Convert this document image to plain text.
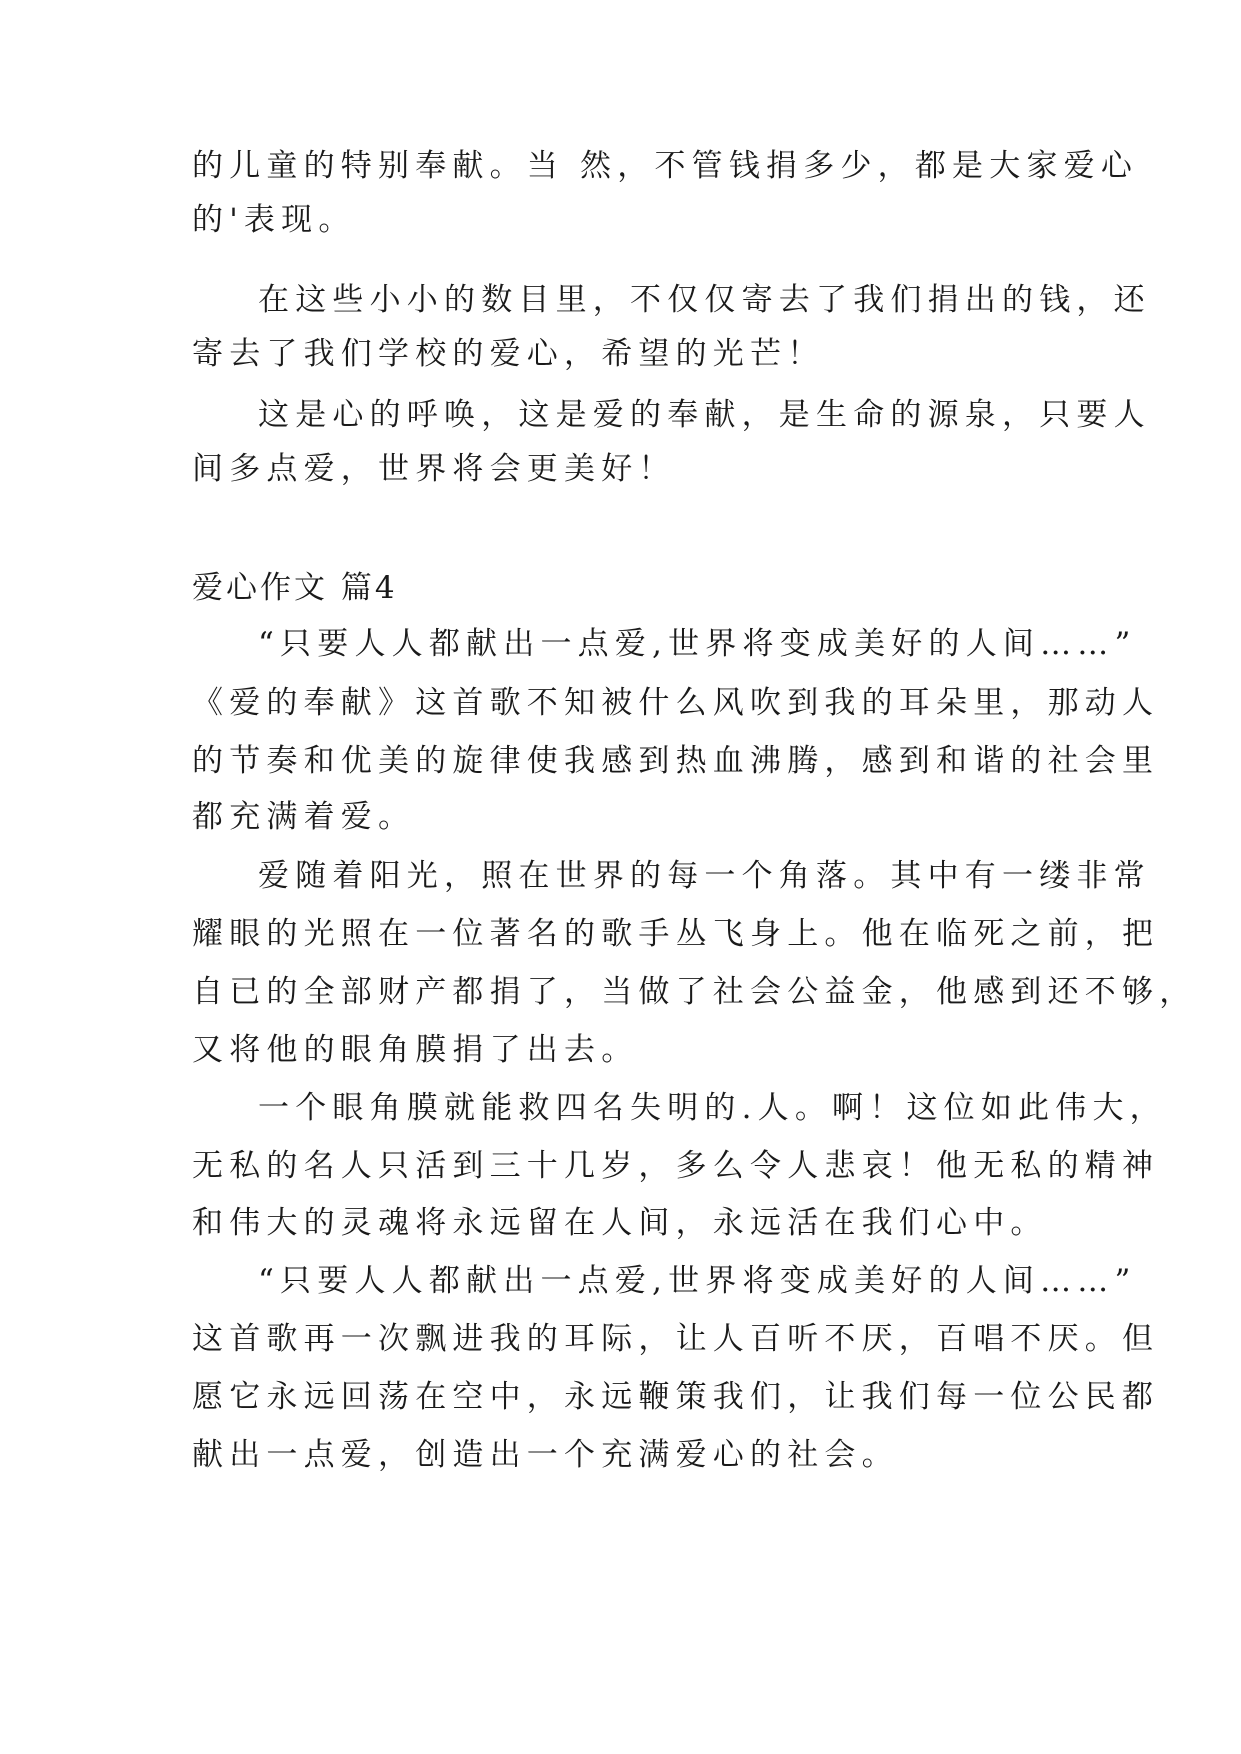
的儿童的特别奉献。当 然，不管钱捐多少，都是大家爱心
的'表现。
在这些小小的数目里，不仅仅寄去了我们捐出的钱，还
寄去了我们学校的爱心，希望的光芒！
这是心的呼唤，这是爱的奉献，是生命的源泉，只要人
间多点爱，世界将会更美好！
爱心作文 篇4
“只要人人都献出一点爱,世界将变成美好的人间……”
《爱的奉献》这首歌不知被什么风吹到我的耳朵里，那动人
的节奏和优美的旋律使我感到热血沸腾，感到和谐的社会里
都充满着爱。
爱随着阳光，照在世界的每一个角落。其中有一缕非常
耀眼的光照在一位著名的歌手丛飞身上。他在临死之前，把
自已的全部财产都捐了，当做了社会公益金，他感到还不够，
又将他的眼角膜捐了出去。
一个眼角膜就能救四名失明的.人。啊！这位如此伟大，
无私的名人只活到三十几岁，多么令人悲哀！他无私的精神
和伟大的灵魂将永远留在人间，永远活在我们心中。
“只要人人都献出一点爱,世界将变成美好的人间……”
这首歌再一次飘进我的耳际，让人百听不厌，百唱不厌。但
愿它永远回荡在空中，永远鞭策我们，让我们每一位公民都
献出一点爱，创造出一个充满爱心的社会。
